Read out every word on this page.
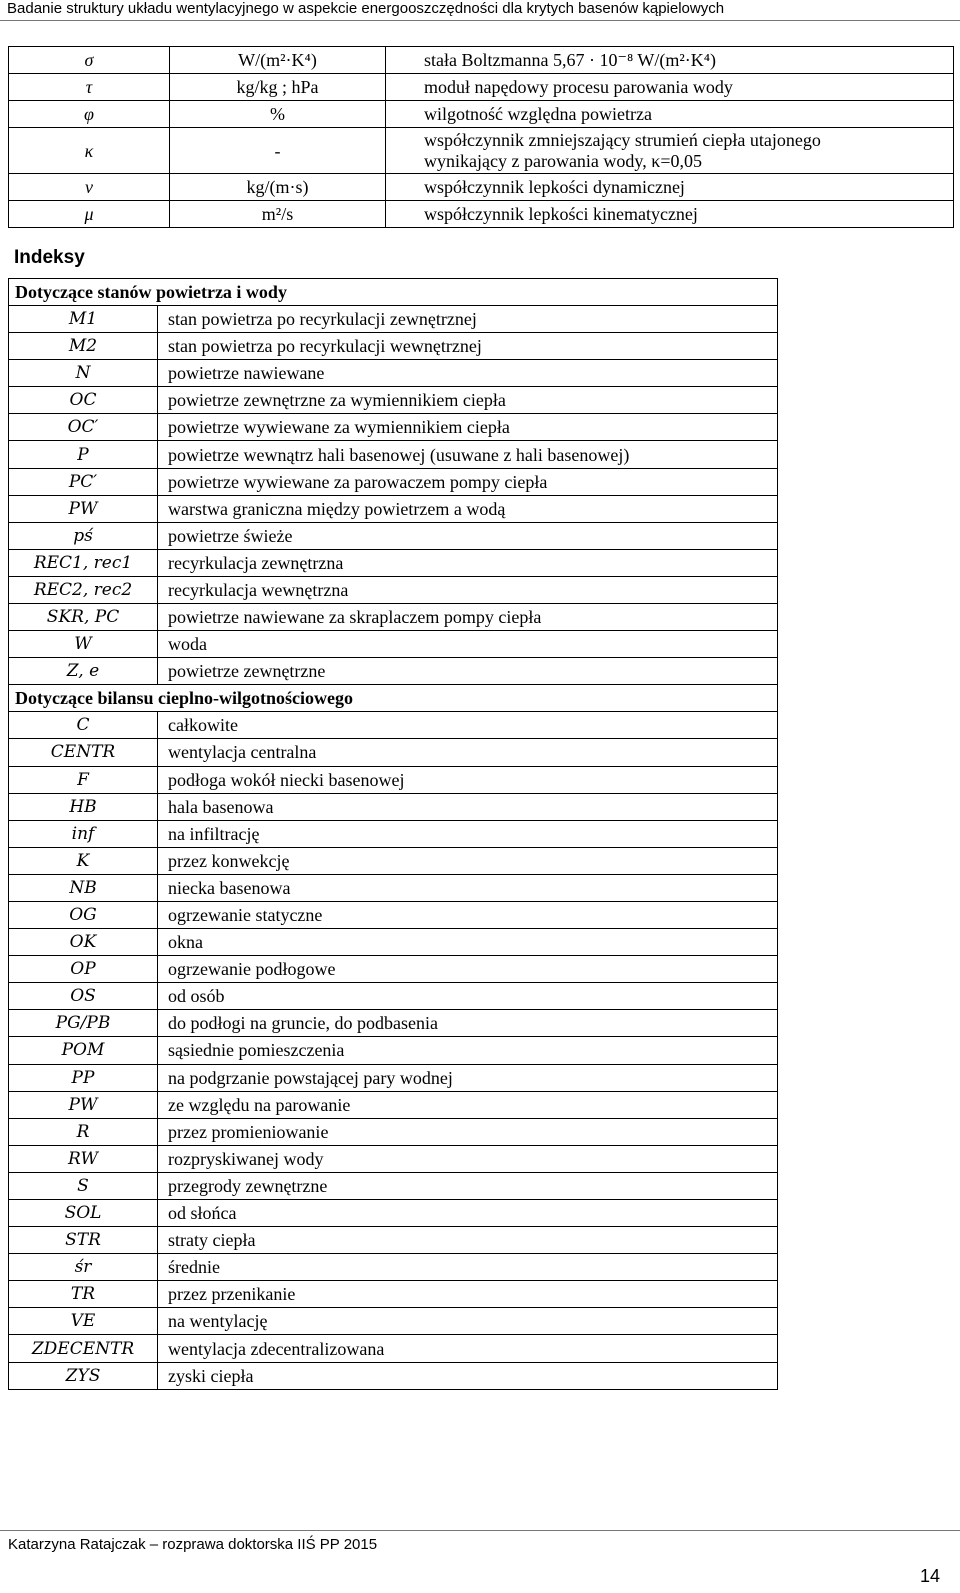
Badanie struktury układu wentylacyjnego w aspekcie energooszczędności dla krytych basenów kąpielowych
σ	W/(m²·K⁴)	stała Boltzmanna 5,67 · 10⁻⁸ W/(m²·K⁴)
τ	kg/kg ; hPa	moduł napędowy procesu parowania wody
φ	%	wilgotność względna powietrza
κ	-	współczynnik zmniejszający strumień ciepła utajonego
wynikający z parowania wody, κ=0,05

ν	kg/(m·s)	współczynnik lepkości dynamicznej
μ	m²/s	współczynnik lepkości kinematycznej
Indeksy
Dotyczące stanów powietrza i wody	
M1	stan powietrza po recyrkulacji zewnętrznej
M2	stan powietrza po recyrkulacji wewnętrznej
N	powietrze nawiewane
OC	powietrze zewnętrzne za wymiennikiem ciepła
OC′	powietrze wywiewane za wymiennikiem ciepła
P	powietrze wewnątrz hali basenowej (usuwane z hali basenowej)
PC′	powietrze wywiewane za parowaczem pompy ciepła
PW	warstwa graniczna między powietrzem a wodą
pś	powietrze świeże
REC1, rec1	recyrkulacja zewnętrzna
REC2, rec2	recyrkulacja wewnętrzna
SKR, PC	powietrze nawiewane za skraplaczem pompy ciepła
W	woda
Z, e	powietrze zewnętrzne
Dotyczące bilansu cieplno-wilgotnościowego	
C	całkowite
CENTR	wentylacja centralna
F	podłoga wokół niecki basenowej
HB	hala basenowa
inf	na infiltrację
K	przez konwekcję
NB	niecka basenowa
OG	ogrzewanie statyczne
OK	okna
OP	ogrzewanie podłogowe
OS	od osób
PG/PB	do podłogi na gruncie, do podbasenia
POM	sąsiednie pomieszczenia
PP	na podgrzanie powstającej pary wodnej
PW	ze względu na parowanie
R	przez promieniowanie
RW	rozpryskiwanej wody
S	przegrody zewnętrzne
SOL	od słońca
STR	straty ciepła
śr	średnie
TR	przez przenikanie
VE	na wentylację
ZDECENTR	wentylacja zdecentralizowana
ZYS	zyski ciepła
Katarzyna Ratajczak – rozprawa doktorska IIŚ PP 2015
14
